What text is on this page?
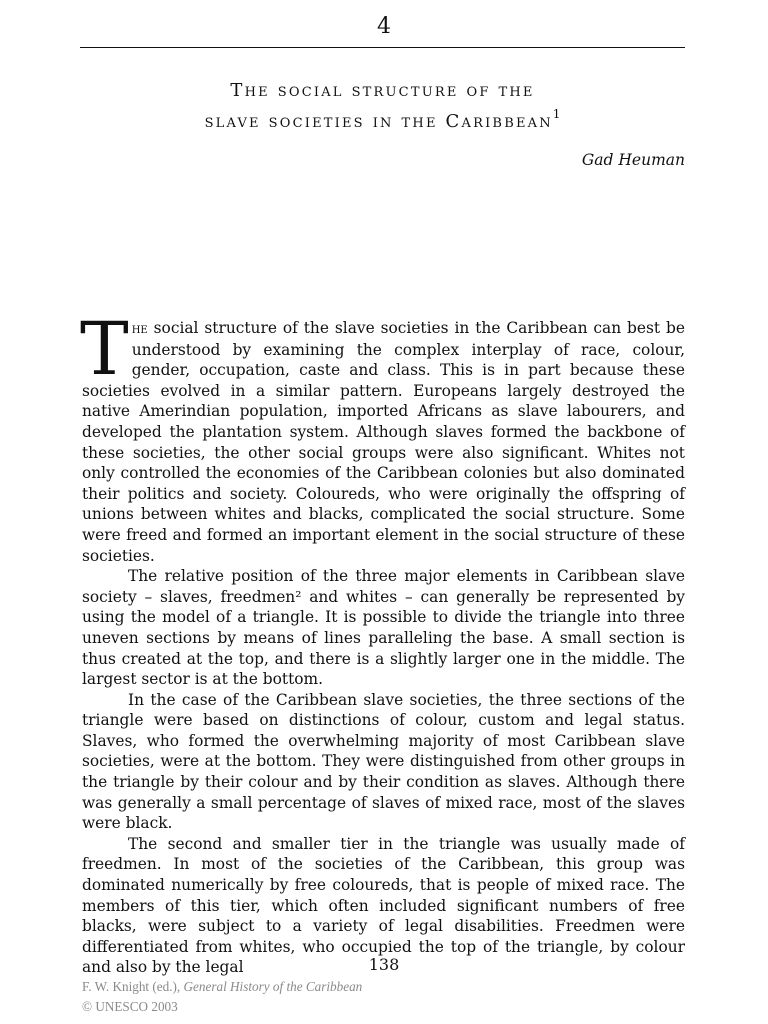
4
The social structure of the
slave societies in the Caribbean$^1$
Gad Heuman

The social structure of the slave societies in the Caribbean can best be understood by examining the complex interplay of race, colour, gender, occupation, caste and class. This is in part because these societies evolved in a similar pattern. Europeans largely destroyed the native Amerindian population, imported Africans as slave labourers, and developed the plantation system. Although slaves formed the backbone of these societies, the other social groups were also significant. Whites not only controlled the economies of the Caribbean colonies but also dominated their politics and society. Coloureds, who were originally the offspring of unions between whites and blacks, complicated the social structure. Some were freed and formed an important element in the social structure of these societies.

The relative position of the three major elements in Caribbean slave society – slaves, freedmen² and whites – can generally be represented by using the model of a triangle. It is possible to divide the triangle into three uneven sections by means of lines paralleling the base. A small section is thus created at the top, and there is a slightly larger one in the middle. The largest sector is at the bottom.

In the case of the Caribbean slave societies, the three sections of the triangle were based on distinctions of colour, custom and legal status. Slaves, who formed the overwhelming majority of most Caribbean slave societies, were at the bottom. They were distinguished from other groups in the triangle by their colour and by their condition as slaves. Although there was generally a small percentage of slaves of mixed race, most of the slaves were black.

The second and smaller tier in the triangle was usually made of freedmen. In most of the societies of the Caribbean, this group was dominated numerically by free coloureds, that is people of mixed race. The members of this tier, which often included significant numbers of free blacks, were subject to a variety of legal disabilities. Freedmen were differentiated from whites, who occupied the top of the triangle, by colour and also by the legal	138
F. W. Knight (ed.), General History of the Caribbean
© UNESCO 2003
